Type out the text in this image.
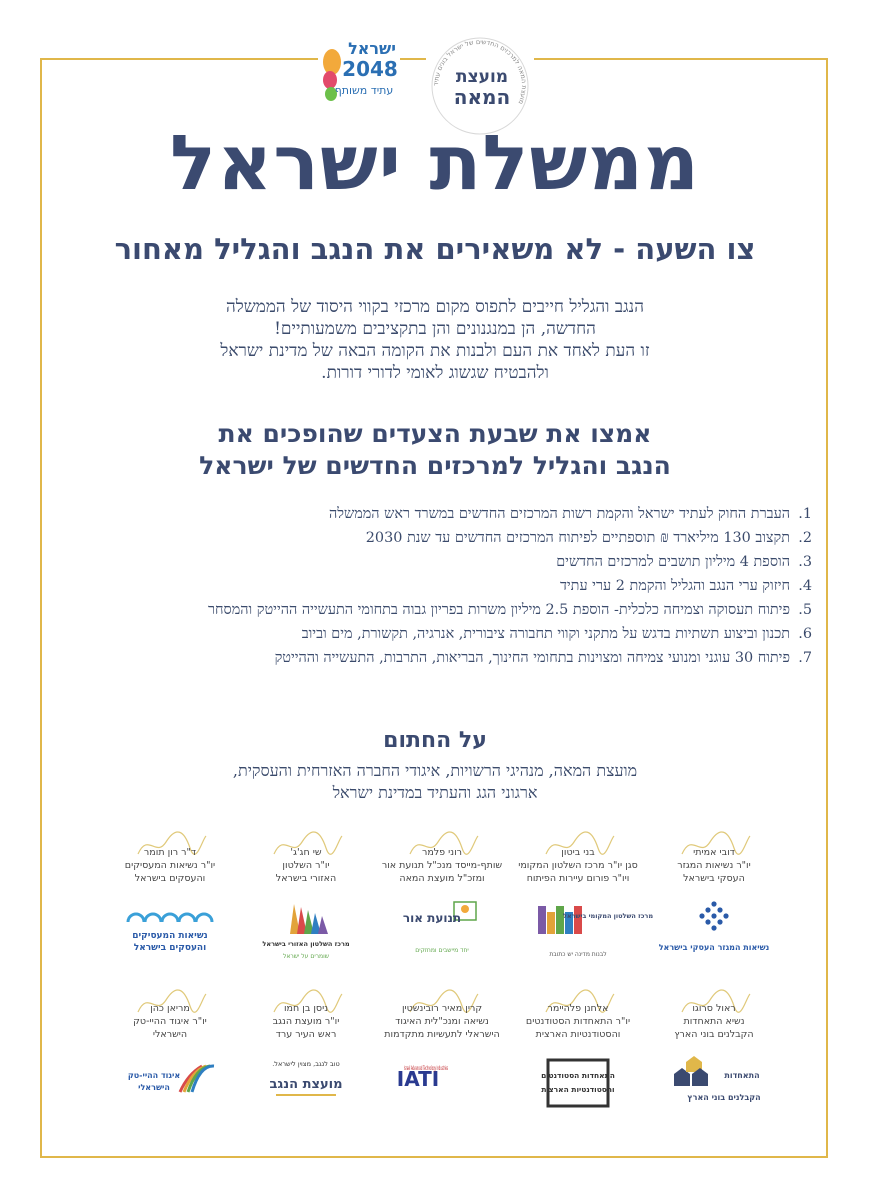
ישראל
2048
עתיד משותף	מועצת המאה למרכזים החדשים של ישראל בונים עתיד
מועצת
המאה
ממשלת ישראל
צו השעה - לא משאירים את הנגב והגליל מאחור
הנגב והגליל חייבים לתפוס מקום מרכזי בקווי היסוד של הממשלה
החדשה, הן במנגנונים והן בתקציבים משמעותיים!
זו העת לאחד את העם ולבנות את הקומה הבאה של מדינת ישראל
ולהבטיח שגשוג לאומי לדורי דורות.
אמצו את שבעת הצעדים שהופכים את
הנגב והגליל למרכזים החדשים של ישראל
1.
העברת החוק לעתיד ישראל והקמת רשות המרכזים החדשים במשרד ראש הממשלה
2.
תקצוב 130 מיליארד ₪ תוספתיים לפיתוח המרכזים החדשים עד שנת 2030
3.
הוספת 4 מיליון תושבים למרכזים החדשים
4.
חיזוק ערי הנגב והגליל והקמת 2 ערי עתיד
5.
פיתוח תעסוקה וצמיחה כלכלית- הוספת 2.5 מיליון משרות בפריון גבוה בתחומי התעשייה ההייטק והמסחר
6.
תכנון וביצוע תשתיות בדגש על מתקני וקווי תחבורה ציבורית, אנרגיה, תקשורת, מים וביוב
7.
פיתוח 30 עוגני ומנועי צמיחה ומצוינות בתחומי החינוך, הבריאות, התרבות, התעשייה וההייטק
על החתום
מועצת המאה, מנהיגי הרשויות, איגודי החברה האזרחית והעסקית,
ארגוני הגג והעתיד במדינת ישראל
דובי אמיתי
יו"ר נשיאות המגזר
העסקי בישראל
נשיאות המגזר העסקי בישראל
בני ביטון
סגן יו"ר מרכז השלטון המקומי
ויו"ר פורום עיירות הפיתוח
מרכז השלטון המקומי בישראל
לבנות מדינה יש כתובת
רוני פלמר
שותף-מייסד מנכ"ל תנועת אור
ומזכ"ל מועצת המאה
תנועת אור
יחד מיישבים ומחזקים
שי חג'ג'
יו"ר השלטון
האזורי בישראל
מרכז השלטון האזורי בישראל
שומרים על ישראל
ד"ר רון תומר
יו"ר נשיאות המעסיקים
והעסקים בישראל
נשיאות המעסיקים
והעסקים בישראל
ראול סרוגו
נשיא התאחדות
הקבלנים בוני הארץ
התאחדות
הקבלנים בוני הארץ
אלחנן פלהיימר
יו"ר התאחדות הסטודנטים
והסטודנטיות הארצית
התאחדות הסטודנטים
והסטודנטיות הארצית
קרין מאיר רובינשטין
נשיאה ומנכ"לית האיגוד
הישראלי לתעשיות מתקדמות
IATI
Israel Advanced Technology Industries
ניסן בן חמו
יו"ר מועצת הנגב
ראש העיר ערד
טוב לנגב, מצוין לישראל.
מועצת הנגב
מריאן כהן
יו"ר איגוד ההיי-טק
הישראלי
איגוד ההיי-טק
הישראלי
